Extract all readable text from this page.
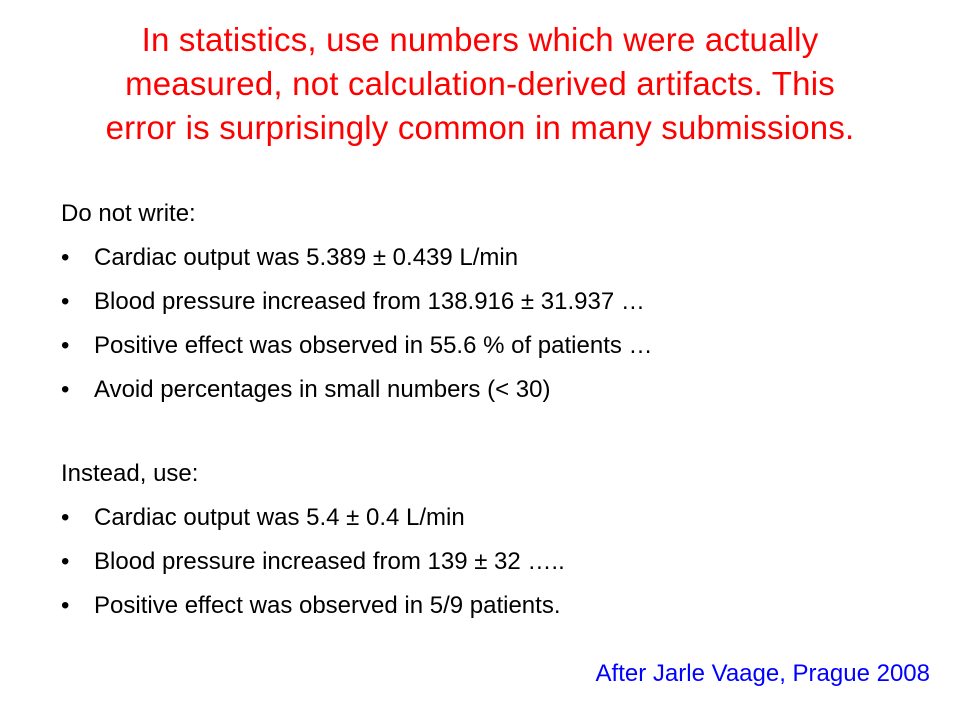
In statistics, use numbers which were actually
measured, not calculation-derived artifacts. This
error is surprisingly common in many submissions.

Do not write:

• Cardiac output was 5.389 ± 0.439 L/min
• Blood pressure increased from 138.916 ± 31.937 …
• Positive effect was observed in 55.6 % of patients …
• Avoid percentages in small numbers (< 30)

Instead, use:

• Cardiac output was 5.4 ± 0.4 L/min
• Blood pressure increased from 139 ± 32 …..
• Positive effect was observed in 5/9 patients.

After Jarle Vaage, Prague 2008
